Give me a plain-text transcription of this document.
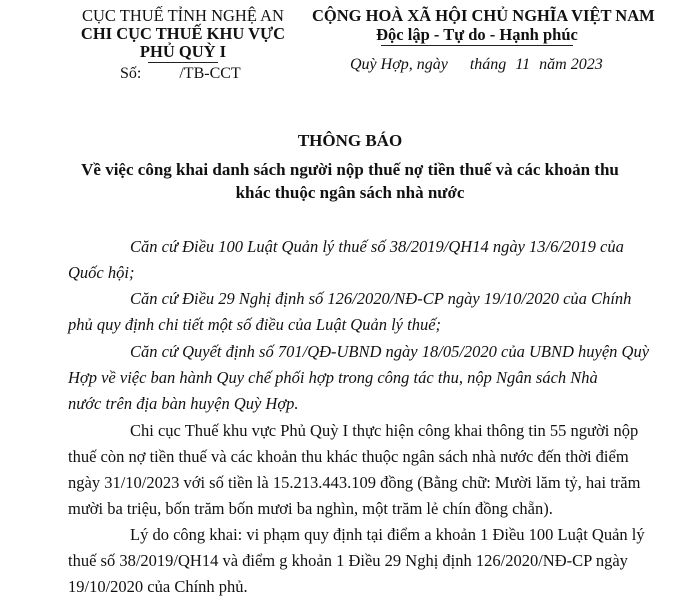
CỤC THUẾ TỈNH NGHỆ AN
CHI CỤC THUẾ KHU VỰC
PHỦ QUỲ I
Số: /TB-CCT
CỘNG HOÀ XÃ HỘI CHỦ NGHĨA VIỆT NAM
Độc lập - Tự do - Hạnh phúc
Quỳ Hợp, ngày tháng 11 năm 2023
THÔNG BÁO
Về việc công khai danh sách người nộp thuế nợ tiền thuế và các khoản thu
khác thuộc ngân sách nhà nước
Căn cứ Điều 100 Luật Quản lý thuế số 38/2019/QH14 ngày 13/6/2019 của
Quốc hội;
Căn cứ Điều 29 Nghị định số 126/2020/NĐ-CP ngày 19/10/2020 của Chính
phủ quy định chi tiết một số điều của Luật Quản lý thuế;
Căn cứ Quyết định số 701/QĐ-UBND ngày 18/05/2020 của UBND huyện Quỳ
Hợp về việc ban hành Quy chế phối hợp trong công tác thu, nộp Ngân sách Nhà
nước trên địa bàn huyện Quỳ Hợp.
Chi cục Thuế khu vực Phủ Quỳ I thực hiện công khai thông tin 55 người nộp
thuế còn nợ tiền thuế và các khoản thu khác thuộc ngân sách nhà nước đến thời điểm
ngày 31/10/2023 với số tiền là 15.213.443.109 đồng (Bằng chữ: Mười lăm tỷ, hai trăm
mười ba triệu, bốn trăm bốn mươi ba nghìn, một trăm lẻ chín đồng chẵn).
Lý do công khai: vi phạm quy định tại điểm a khoản 1 Điều 100 Luật Quản lý
thuế số 38/2019/QH14 và điểm g khoản 1 Điều 29 Nghị định 126/2020/NĐ-CP ngày
19/10/2020 của Chính phủ.
